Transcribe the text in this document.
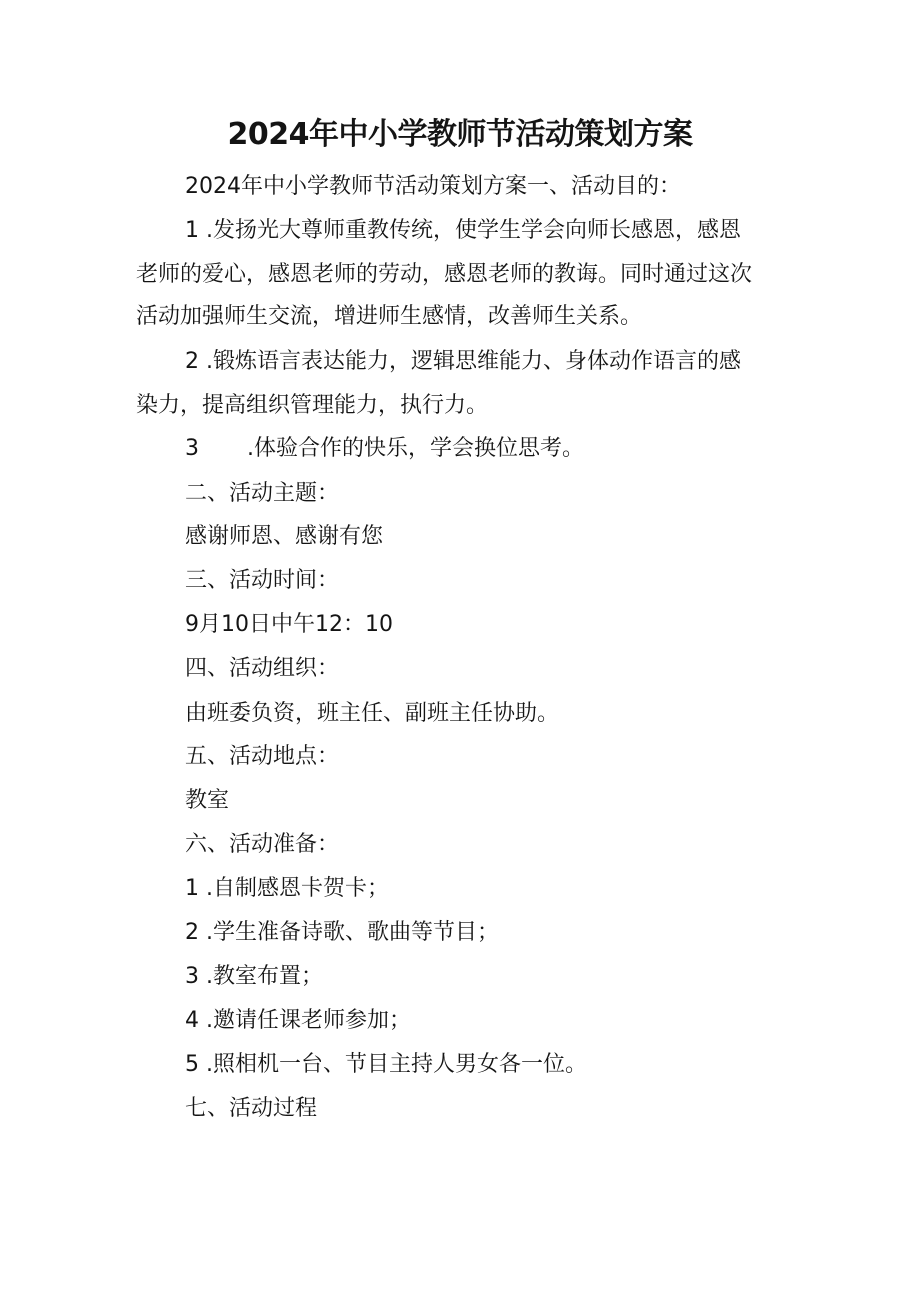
2024年中小学教师节活动策划方案
2024年中小学教师节活动策划方案一、活动目的：
1 .发扬光大尊师重教传统，使学生学会向师长感恩，感恩
老师的爱心，感恩老师的劳动，感恩老师的教诲。同时通过这次
活动加强师生交流，增进师生感情，改善师生关系。
2 .锻炼语言表达能力，逻辑思维能力、身体动作语言的感
染力，提高组织管理能力，执行力。
3 .体验合作的快乐，学会换位思考。
二、活动主题：
感谢师恩、感谢有您
三、活动时间：
9月10日中午12：10
四、活动组织：
由班委负资，班主任、副班主任协助。
五、活动地点：
教室
六、活动准备：
1 .自制感恩卡贺卡；
2 .学生准备诗歌、歌曲等节目；
3 .教室布置；
4 .邀请任课老师参加；
5 .照相机一台、节目主持人男女各一位。
七、活动过程
